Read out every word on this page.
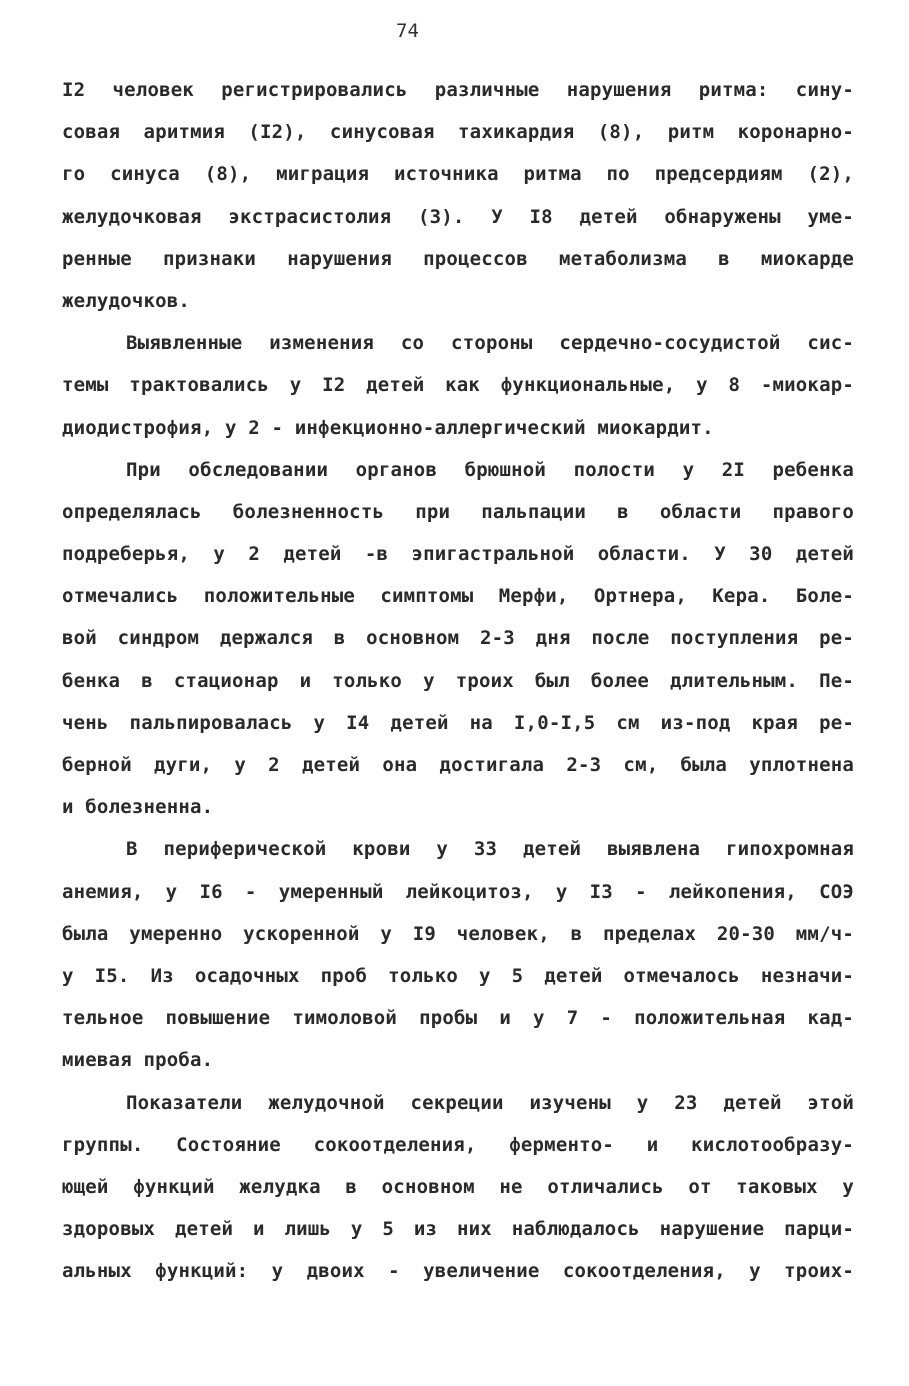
74
I2 человек регистрировались различные нарушения ритма: сину-
совая аритмия (I2), синусовая тахикардия (8), ритм коронарно-
го синуса (8), миграция источника ритма по предсердиям (2),
желудочковая экстрасистолия (3). У I8 детей обнаружены уме-
ренные признаки нарушения процессов метаболизма в миокарде
желудочков.
Выявленные изменения со стороны сердечно-сосудистой сис-
темы трактовались у I2 детей как функциональные, у 8 -миокар-
диодистрофия, у 2 - инфекционно-аллергический миокардит.
При обследовании органов брюшной полости у 2I ребенка
определялась болезненность при пальпации в области правого
подреберья, у 2 детей -в эпигастральной области. У 30 детей
отмечались положительные симптомы Мерфи, Ортнера, Кера. Боле-
вой синдром держался в основном 2-3 дня после поступления ре-
бенка в стационар и только у троих был более длительным. Пе-
чень пальпировалась у I4 детей на I,0-I,5 см из-под края ре-
берной дуги, у 2 детей она достигала 2-3 см, была уплотнена
и болезненна.
В периферической крови у 33 детей выявлена гипохромная
анемия, у I6 - умеренный лейкоцитоз, у I3 - лейкопения, СОЭ
была умеренно ускоренной у I9 человек, в пределах 20-30 мм/ч-
у I5. Из осадочных проб только у 5 детей отмечалось незначи-
тельное повышение тимоловой пробы и у 7 - положительная кад-
миевая проба.
Показатели желудочной секреции изучены у 23 детей этой
группы. Состояние сокоотделения, ферменто- и кислотообразу-
ющей функций желудка в основном не отличались от таковых у
здоровых детей и лишь у 5 из них наблюдалось нарушение парци-
альных функций: у двоих - увеличение сокоотделения, у троих-
